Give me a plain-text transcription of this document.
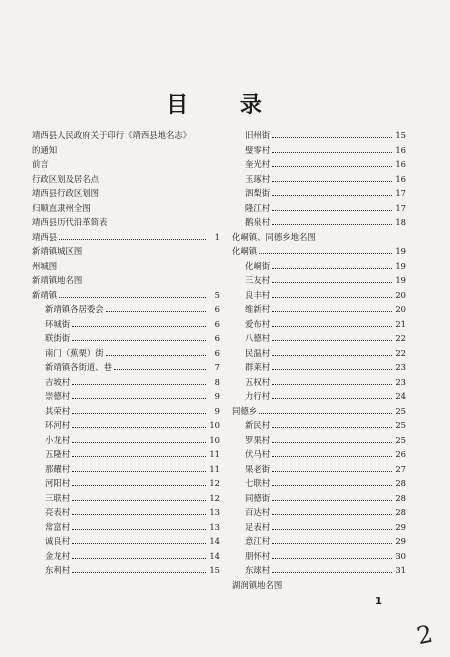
目 录
靖西县人民政府关于印行《靖西县地名志》
的通知
前言
行政区划及居名点
靖西县行政区划图
归顺直隶州全图
靖西县历代沿革简表
靖西县	1
新靖镇城区图
州城图
新靖镇地名图
新靖镇	5
新靖镇各居委会	6
环城街	6
联街街	6
南门（蕉栗）街	6
新靖镇各街道、巷	7
吉坡村	8
崇德村	9
其荣村	9
环河村	10
小龙村	10
五隆村	11
那耀村	11
河阳村	12
三联村	12
亮表村	13
常富村	13
诚良村	14
金龙村	14
东利村	15
旧州街	15
璧零村	16
奎光村	16
玉琢村	16
泗梨街	17
隆江村	17
鹅泉村	18
化峒镇、同德乡地名图
化峒镇	19
化峒街	19
三友村	19
良丰村	20
维新村	20
爱布村	21
八德村	22
民温村	22
群莱村	23
五权村	23
力行村	24
同德乡	25
新民村	25
罗果村	25
伏马村	26
果老街	27
七联村	28
同德街	28
百达村	28
足表村	29
意江村	29
朋怀村	30
东球村	31
湖润镇地名图
1
2
